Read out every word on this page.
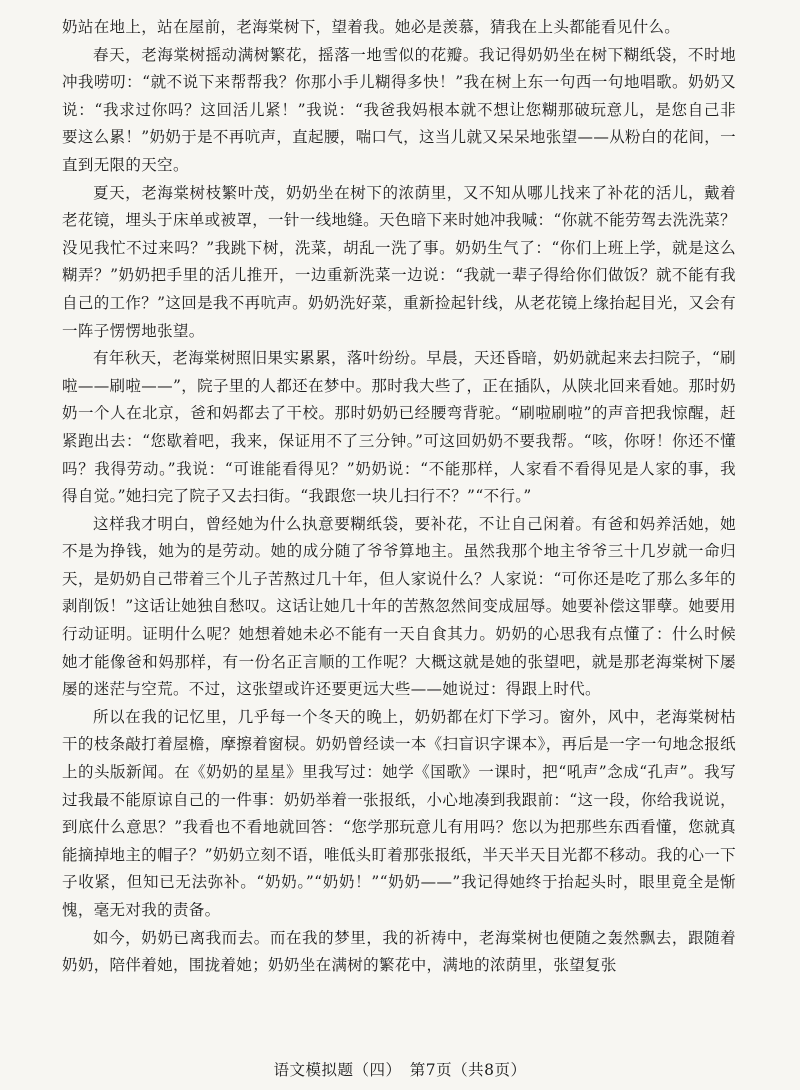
奶站在地上，站在屋前，老海棠树下，望着我。她必是羡慕，猜我在上头都能看见什么。

春天，老海棠树摇动满树繁花，摇落一地雪似的花瓣。我记得奶奶坐在树下糊纸袋，不时地冲我唠叨：“就不说下来帮帮我？你那小手儿糊得多快！”我在树上东一句西一句地唱歌。奶奶又说：“我求过你吗？这回活儿紧！”我说：“我爸我妈根本就不想让您糊那破玩意儿，是您自己非要这么累！”奶奶于是不再吭声，直起腰，喘口气，这当儿就又呆呆地张望——从粉白的花间，一直到无限的天空。

夏天，老海棠树枝繁叶茂，奶奶坐在树下的浓荫里，又不知从哪儿找来了补花的活儿，戴着老花镜，埋头于床单或被罩，一针一线地缝。天色暗下来时她冲我喊：“你就不能劳驾去洗洗菜？没见我忙不过来吗？”我跳下树，洗菜，胡乱一洗了事。奶奶生气了：“你们上班上学，就是这么糊弄？”奶奶把手里的活儿推开，一边重新洗菜一边说：“我就一辈子得给你们做饭？就不能有我自己的工作？”这回是我不再吭声。奶奶洗好菜，重新捡起针线，从老花镜上缘抬起目光，又会有一阵子愣愣地张望。

有年秋天，老海棠树照旧果实累累，落叶纷纷。早晨，天还昏暗，奶奶就起来去扫院子，“刷啦——刷啦——”，院子里的人都还在梦中。那时我大些了，正在插队，从陕北回来看她。那时奶奶一个人在北京，爸和妈都去了干校。那时奶奶已经腰弯背驼。“刷啦刷啦”的声音把我惊醒，赶紧跑出去：“您歇着吧，我来，保证用不了三分钟。”可这回奶奶不要我帮。“咳，你呀！你还不懂吗？我得劳动。”我说：“可谁能看得见？”奶奶说：“不能那样，人家看不看得见是人家的事，我得自觉。”她扫完了院子又去扫街。“我跟您一块儿扫行不？”“不行。”

这样我才明白，曾经她为什么执意要糊纸袋，要补花，不让自己闲着。有爸和妈养活她，她不是为挣钱，她为的是劳动。她的成分随了爷爷算地主。虽然我那个地主爷爷三十几岁就一命归天，是奶奶自己带着三个儿子苦熬过几十年，但人家说什么？人家说：“可你还是吃了那么多年的剥削饭！”这话让她独自愁叹。这话让她几十年的苦熬忽然间变成屈辱。她要补偿这罪孽。她要用行动证明。证明什么呢？她想着她未必不能有一天自食其力。奶奶的心思我有点懂了：什么时候她才能像爸和妈那样，有一份名正言顺的工作呢？大概这就是她的张望吧，就是那老海棠树下屡屡的迷茫与空荒。不过，这张望或许还要更远大些——她说过：得跟上时代。

所以在我的记忆里，几乎每一个冬天的晚上，奶奶都在灯下学习。窗外，风中，老海棠树枯干的枝条敲打着屋檐，摩擦着窗棂。奶奶曾经读一本《扫盲识字课本》，再后是一字一句地念报纸上的头版新闻。在《奶奶的星星》里我写过：她学《国歌》一课时，把“吼声”念成“孔声”。我写过我最不能原谅自己的一件事：奶奶举着一张报纸，小心地凑到我跟前：“这一段，你给我说说，到底什么意思？”我看也不看地就回答：“您学那玩意儿有用吗？您以为把那些东西看懂，您就真能摘掉地主的帽子？”奶奶立刻不语，唯低头盯着那张报纸，半天半天目光都不移动。我的心一下子收紧，但知已无法弥补。“奶奶。”“奶奶！”“奶奶——”我记得她终于抬起头时，眼里竟全是惭愧，毫无对我的责备。

如今，奶奶已离我而去。而在我的梦里，我的祈祷中，老海棠树也便随之轰然飘去，跟随着奶奶，陪伴着她，围拢着她；奶奶坐在满树的繁花中，满地的浓荫里，张望复张

语文模拟题（四）　第7页（共8页）
